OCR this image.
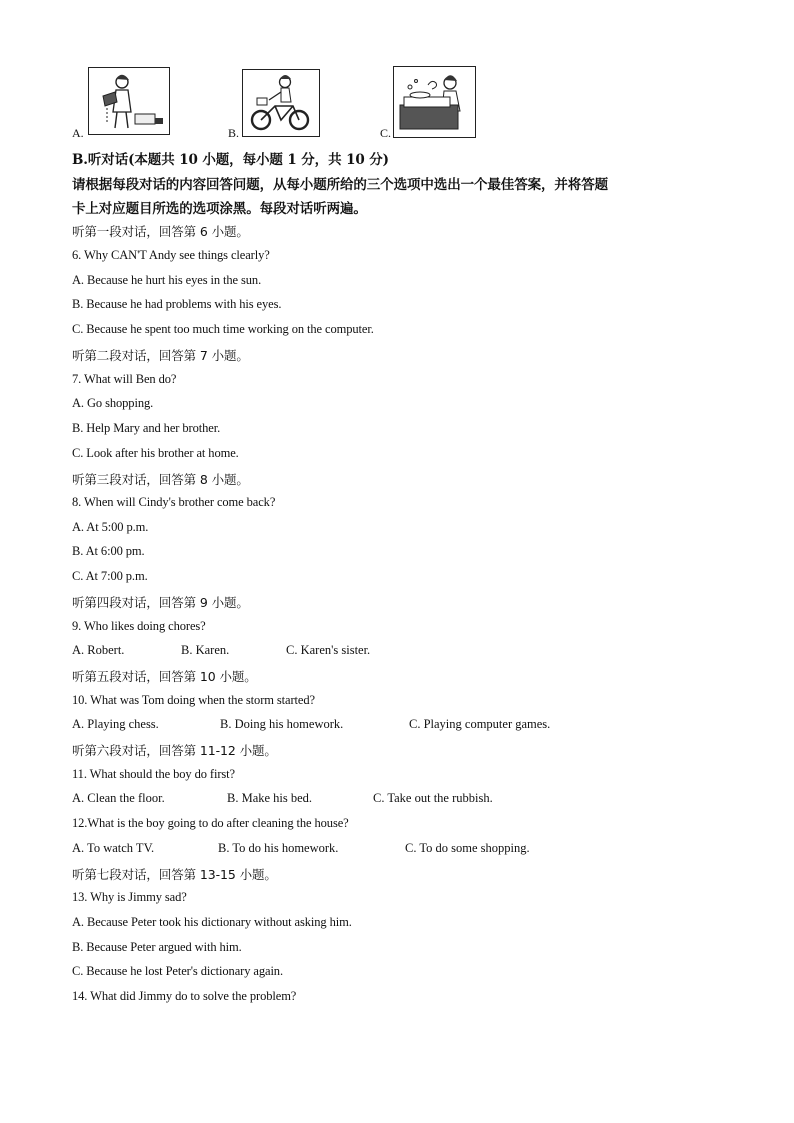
A.	B.	C.
B.听对话(本题共 10 小题，每小题 1 分，共 10 分)
请根据每段对话的内容回答问题，从每小题所给的三个选项中选出一个最佳答案，并将答题
卡上对应题目所选的选项涂黑。每段对话听两遍。
听第一段对话，回答第 6 小题。
6. Why CAN'T Andy see things clearly?
A. Because he hurt his eyes in the sun.
B. Because he had problems with his eyes.
C. Because he spent too much time working on the computer.
听第二段对话，回答第 7 小题。
7. What will Ben do?
A. Go shopping.
B. Help Mary and her brother.
C. Look after his brother at home.
听第三段对话，回答第 8 小题。
8. When will Cindy's brother come back?
A. At 5:00 p.m.
B. At 6:00 pm.
C. At 7:00 p.m.
听第四段对话，回答第 9 小题。
9. Who likes doing chores?
A. Robert.	B. Karen.	C. Karen's sister.
听第五段对话，回答第 10 小题。
10. What was Tom doing when the storm started?
A. Playing chess.	B. Doing his homework.	C. Playing computer games.
听第六段对话，回答第 11-12 小题。
11. What should the boy do first?
A. Clean the floor.	B. Make his bed.	C. Take out the rubbish.
12.What is the boy going to do after cleaning the house?
A. To watch TV.	B. To do his homework.	C. To do some shopping.
听第七段对话，回答第 13-15 小题。
13. Why is Jimmy sad?
A. Because Peter took his dictionary without asking him.
B. Because Peter argued with him.
C. Because he lost Peter's dictionary again.
14. What did Jimmy do to solve the problem?
